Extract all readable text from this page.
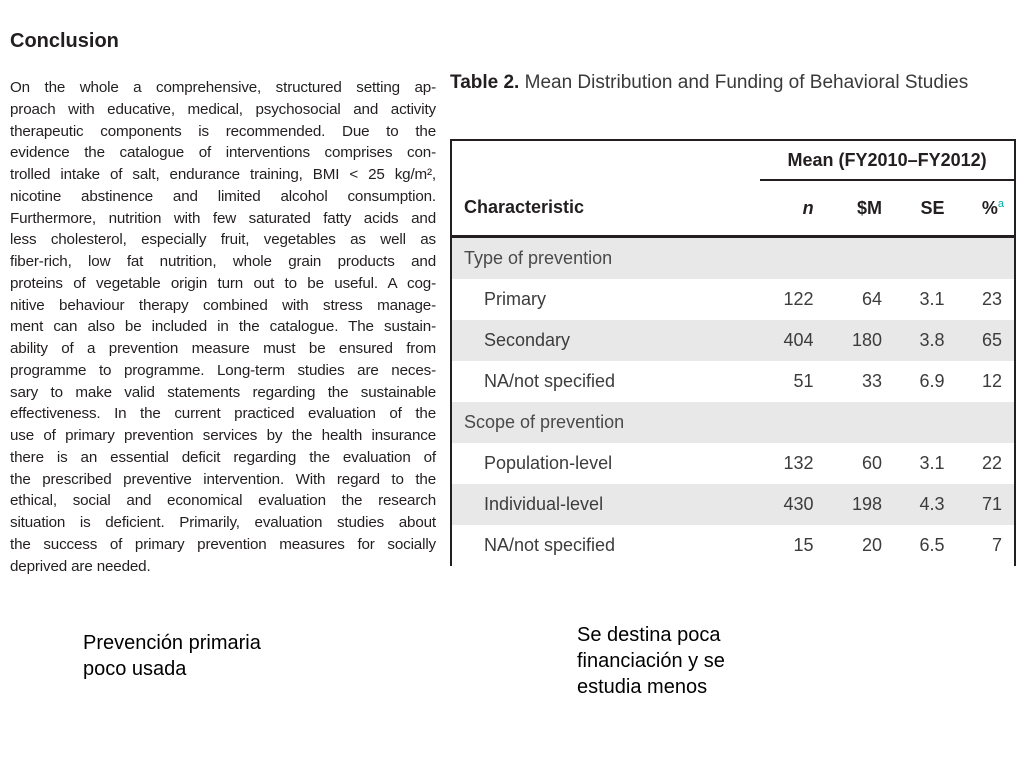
Conclusion
On the whole a comprehensive, structured setting ap-
proach with educative, medical, psychosocial and activity
therapeutic components is recommended. Due to the
evidence the catalogue of interventions comprises con-
trolled intake of salt, endurance training, BMI < 25 kg/m²,
nicotine abstinence and limited alcohol consumption.
Furthermore, nutrition with few saturated fatty acids and
less cholesterol, especially fruit, vegetables as well as
fiber-rich, low fat nutrition, whole grain products and
proteins of vegetable origin turn out to be useful. A cog-
nitive behaviour therapy combined with stress manage-
ment can also be included in the catalogue. The sustain-
ability of a prevention measure must be ensured from
programme to programme. Long-term studies are neces-
sary to make valid statements regarding the sustainable
effectiveness. In the current practiced evaluation of the
use of primary prevention services by the health insurance
there is an essential deficit regarding the evaluation of
the prescribed preventive intervention. With regard to the
ethical, social and economical evaluation the research
situation is deficient. Primarily, evaluation studies about
the success of primary prevention measures for socially
deprived are needed.
Table 2. Mean Distribution and Funding of Behavioral Studies
	Mean (FY2010–FY2012)			
Characteristic	n	$M	SE	%$^a$
Type of prevention				
Primary	122	64	3.1	23
Secondary	404	180	3.8	65
NA/not specified	51	33	6.9	12
Scope of prevention				
Population-level	132	60	3.1	22
Individual-level	430	198	4.3	71
NA/not specified	15	20	6.5	7
Prevención primaria
poco usada
Se destina poca
financiación y se
estudia menos
